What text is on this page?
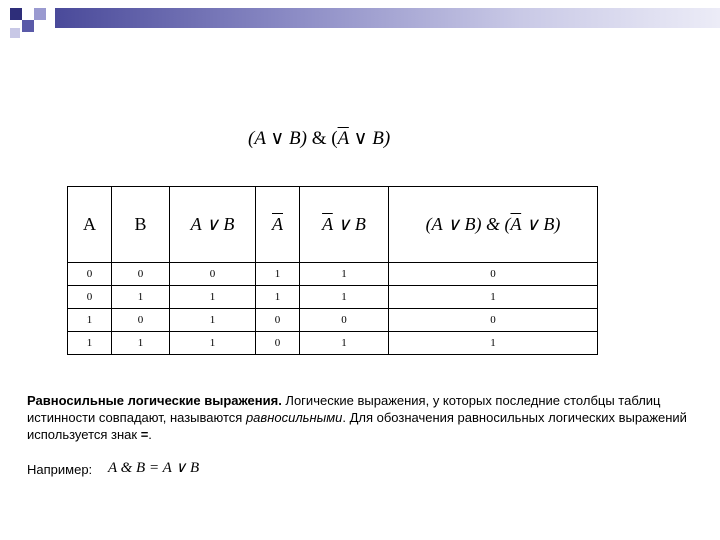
(A ∨ B) & ($\overline{A}$ ∨ B)
A	B	A ∨ B	$\overline{A}$	$\overline{A}$ ∨ B	(A ∨ B) & ($\overline{A}$ ∨ B)
0	0	0	1	1	0
0	1	1	1	1	1
1	0	1	0	0	0
1	1	1	0	1	1
Равносильные логические выражения. Логические выражения, у которых последние столбцы таблиц истинности совпадают, называются равносильными. Для обозначения равносильных логических выражений используется знак =.
Например: A & B = A ∨ B
